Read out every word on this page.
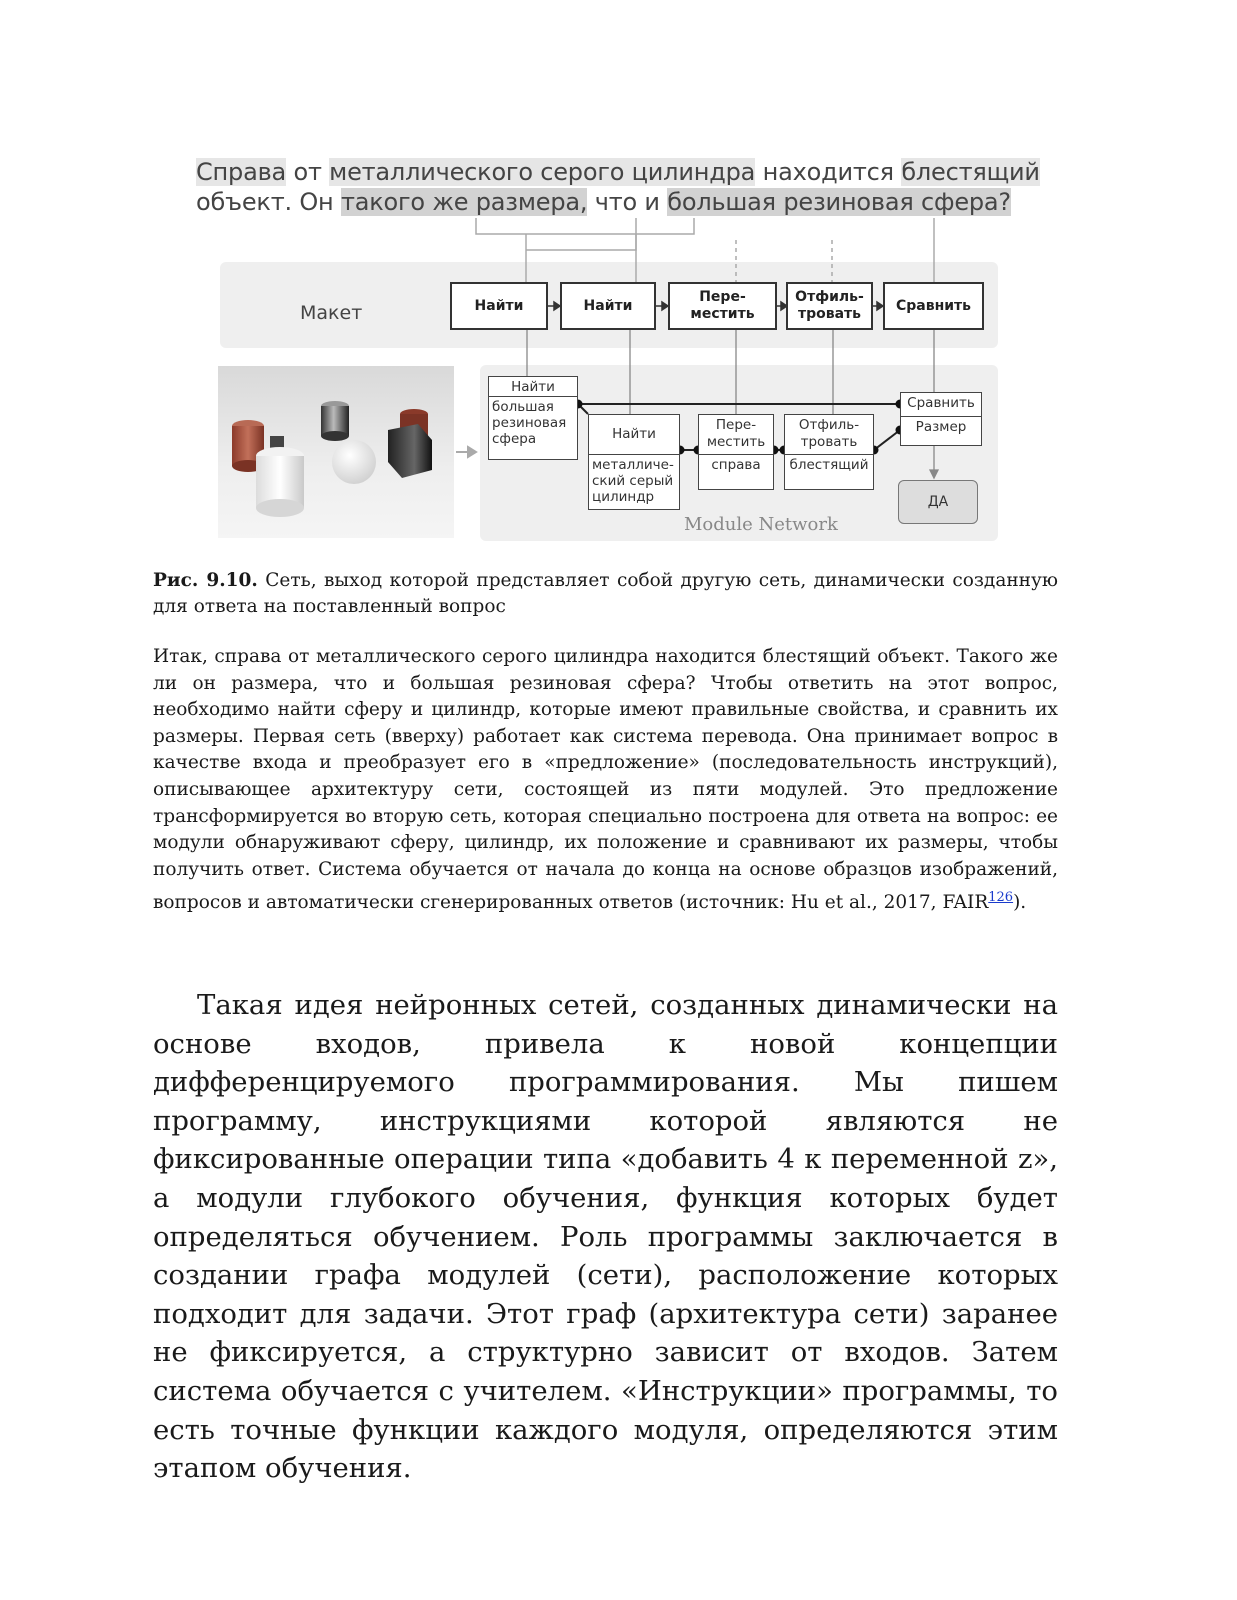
Справа от металлического серого цилиндра находится блестящий
объект. Он такого же размера, что и большая резиновая сфера?
Макет	Найти	Найти
Пере-
местить
Отфиль-
тровать
Сравнить
Найти
большая
резиновая
сфера	Найти
металличе-
ский серый
цилиндр
Пере-
местить
справа
Отфиль-
тровать
блестящий
Сравнить
Размер
ДА
Module Network
Рис. 9.10. Сеть, выход которой представляет собой другую сеть, динамически созданную для ответа на поставленный вопрос
Итак, справа от металлического серого цилиндра находится блестящий объект. Такого же ли он размера, что и большая резиновая сфера? Чтобы ответить на этот вопрос, необходимо найти сферу и цилиндр, которые имеют правильные свойства, и сравнить их размеры. Первая сеть (вверху) работает как система перевода. Она принимает вопрос в качестве входа и преобразует его в «предложение» (последовательность инструкций), описывающее архитектуру сети, состоящей из пяти модулей. Это предложение трансформируется во вторую сеть, которая специально построена для ответа на вопрос: ее модули обнаруживают сферу, цилиндр, их положение и сравнивают их размеры, чтобы получить ответ. Система обучается от начала до конца на основе образцов изображений, вопросов и автоматически сгенерированных ответов (источник: Hu et al., 2017, FAIR$^{126}$).
Такая идея нейронных сетей, созданных динамически на основе входов, привела к новой концепции дифференцируемого программирования. Мы пишем программу, инструкциями которой являются не фиксированные операции типа «добавить 4 к переменной z», а модули глубокого обучения, функция которых будет определяться обучением. Роль программы заключается в создании графа модулей (сети), расположение которых подходит для задачи. Этот граф (архитектура сети) заранее не фиксируется, а структурно зависит от входов. Затем система обучается с учителем. «Инструкции» программы, то есть точные функции каждого модуля, определяются этим этапом обучения.
